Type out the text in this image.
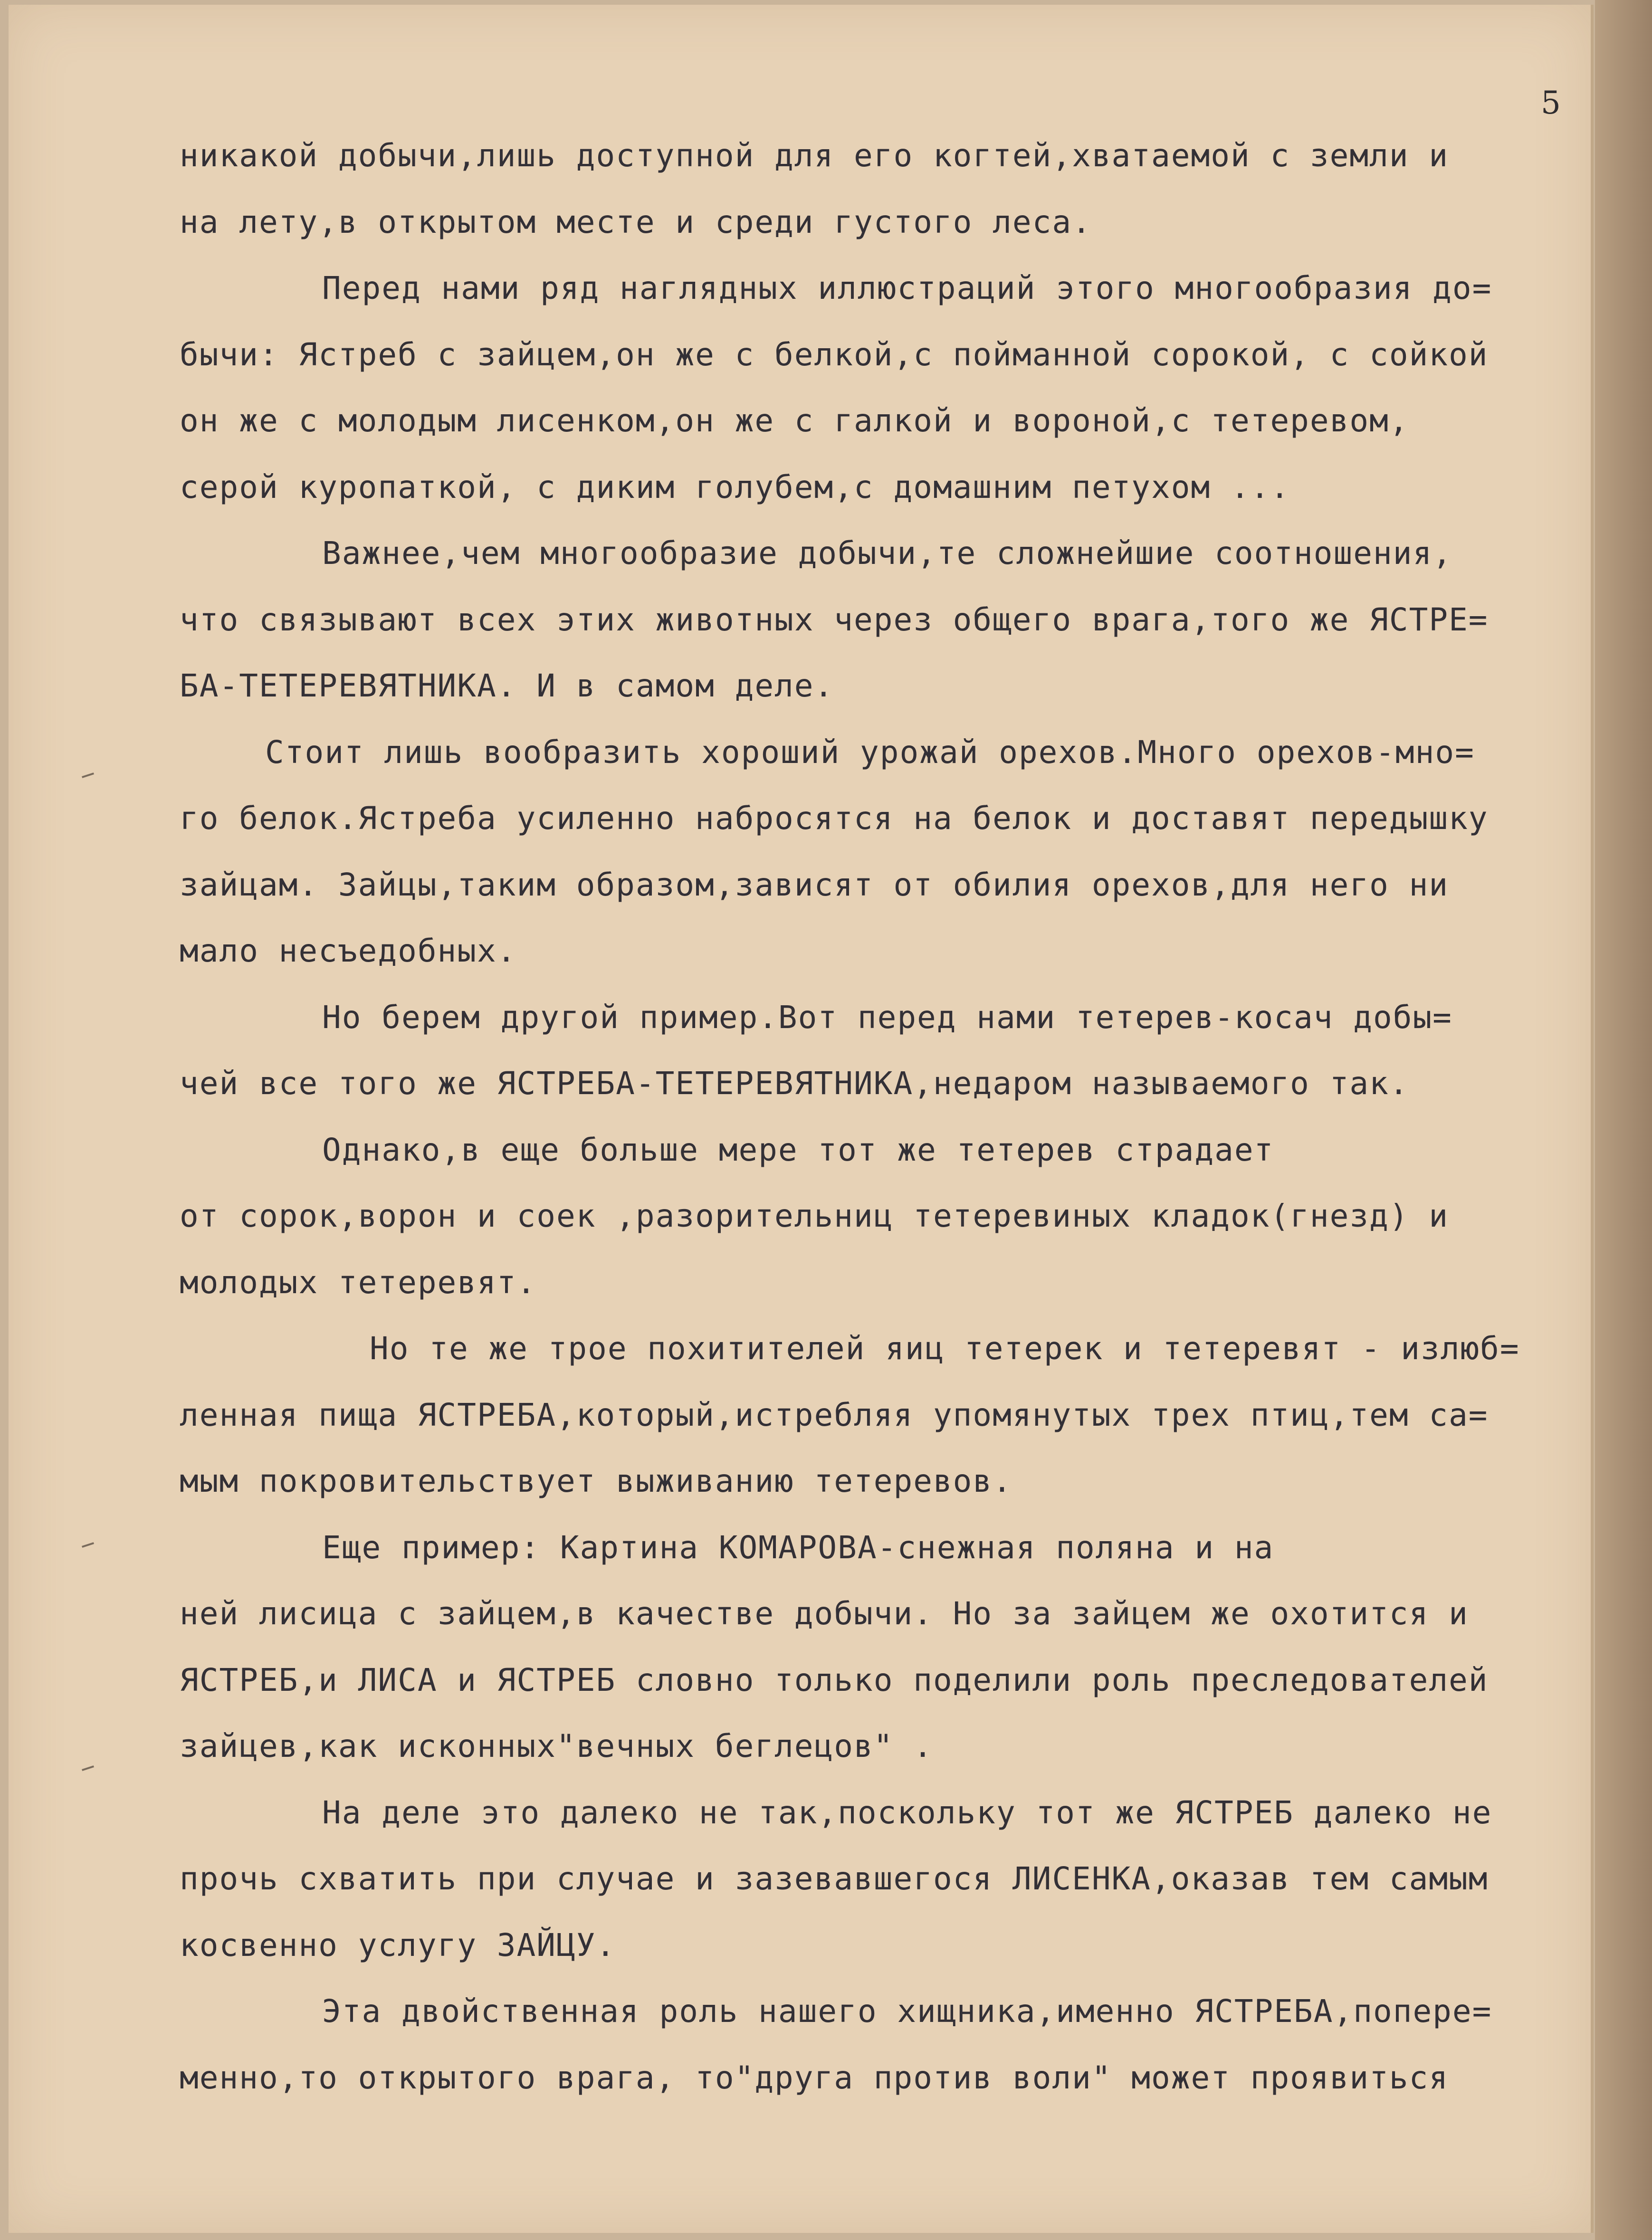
5
никакой добычи,лишь доступной для его когтей,хватаемой с земли и
на лету,в открытом месте и среди густого леса.
Перед нами ряд наглядных иллюстраций этого многообразия до=
бычи: Ястреб с зайцем,он же с белкой,с пойманной сорокой, с сойкой
он же с молодым лисенком,он же с галкой и вороной,с тетеревом,
серой куропаткой, с диким голубем,с домашним петухом ...
Важнее,чем многообразие добычи,те сложнейшие соотношения,
что связывают всех этих животных через общего врага,того же ЯСТРЕ=
БА-ТЕТЕРЕВЯТНИКА. И в самом деле.
Стоит лишь вообразить хороший урожай орехов.Много орехов-мно=
го белок.Ястреба усиленно набросятся на белок и доставят передышку
зайцам. Зайцы,таким образом,зависят от обилия орехов,для него ни
мало несъедобных.
Но берем другой пример.Вот перед нами тетерев-косач добы=
чей все того же ЯСТРЕБА-ТЕТЕРЕВЯТНИКА,недаром называемого так.
Однако,в еще больше мере тот же тетерев страдает
от сорок,ворон и соек ,разорительниц тетеревиных кладок(гнезд) и
молодых тетеревят.
Но те же трое похитителей яиц тетерек и тетеревят - излюб=
ленная пища ЯСТРЕБА,который,истребляя упомянутых трех птиц,тем са=
мым покровительствует выживанию тетеревов.
Еще пример: Картина КОМАРОВА-снежная поляна и на
ней лисица с зайцем,в качестве добычи. Но за зайцем же охотится и
ЯСТРЕБ,и ЛИСА и ЯСТРЕБ словно только поделили роль преследователей
зайцев,как исконных"вечных беглецов" .
На деле это далеко не так,поскольку тот же ЯСТРЕБ далеко не
прочь схватить при случае и зазевавшегося ЛИСЕНКА,оказав тем самым
косвенно услугу ЗАЙЦУ.
Эта двойственная роль нашего хищника,именно ЯСТРЕБА,попере=
менно,то открытого врага, то"друга против воли" может проявиться
